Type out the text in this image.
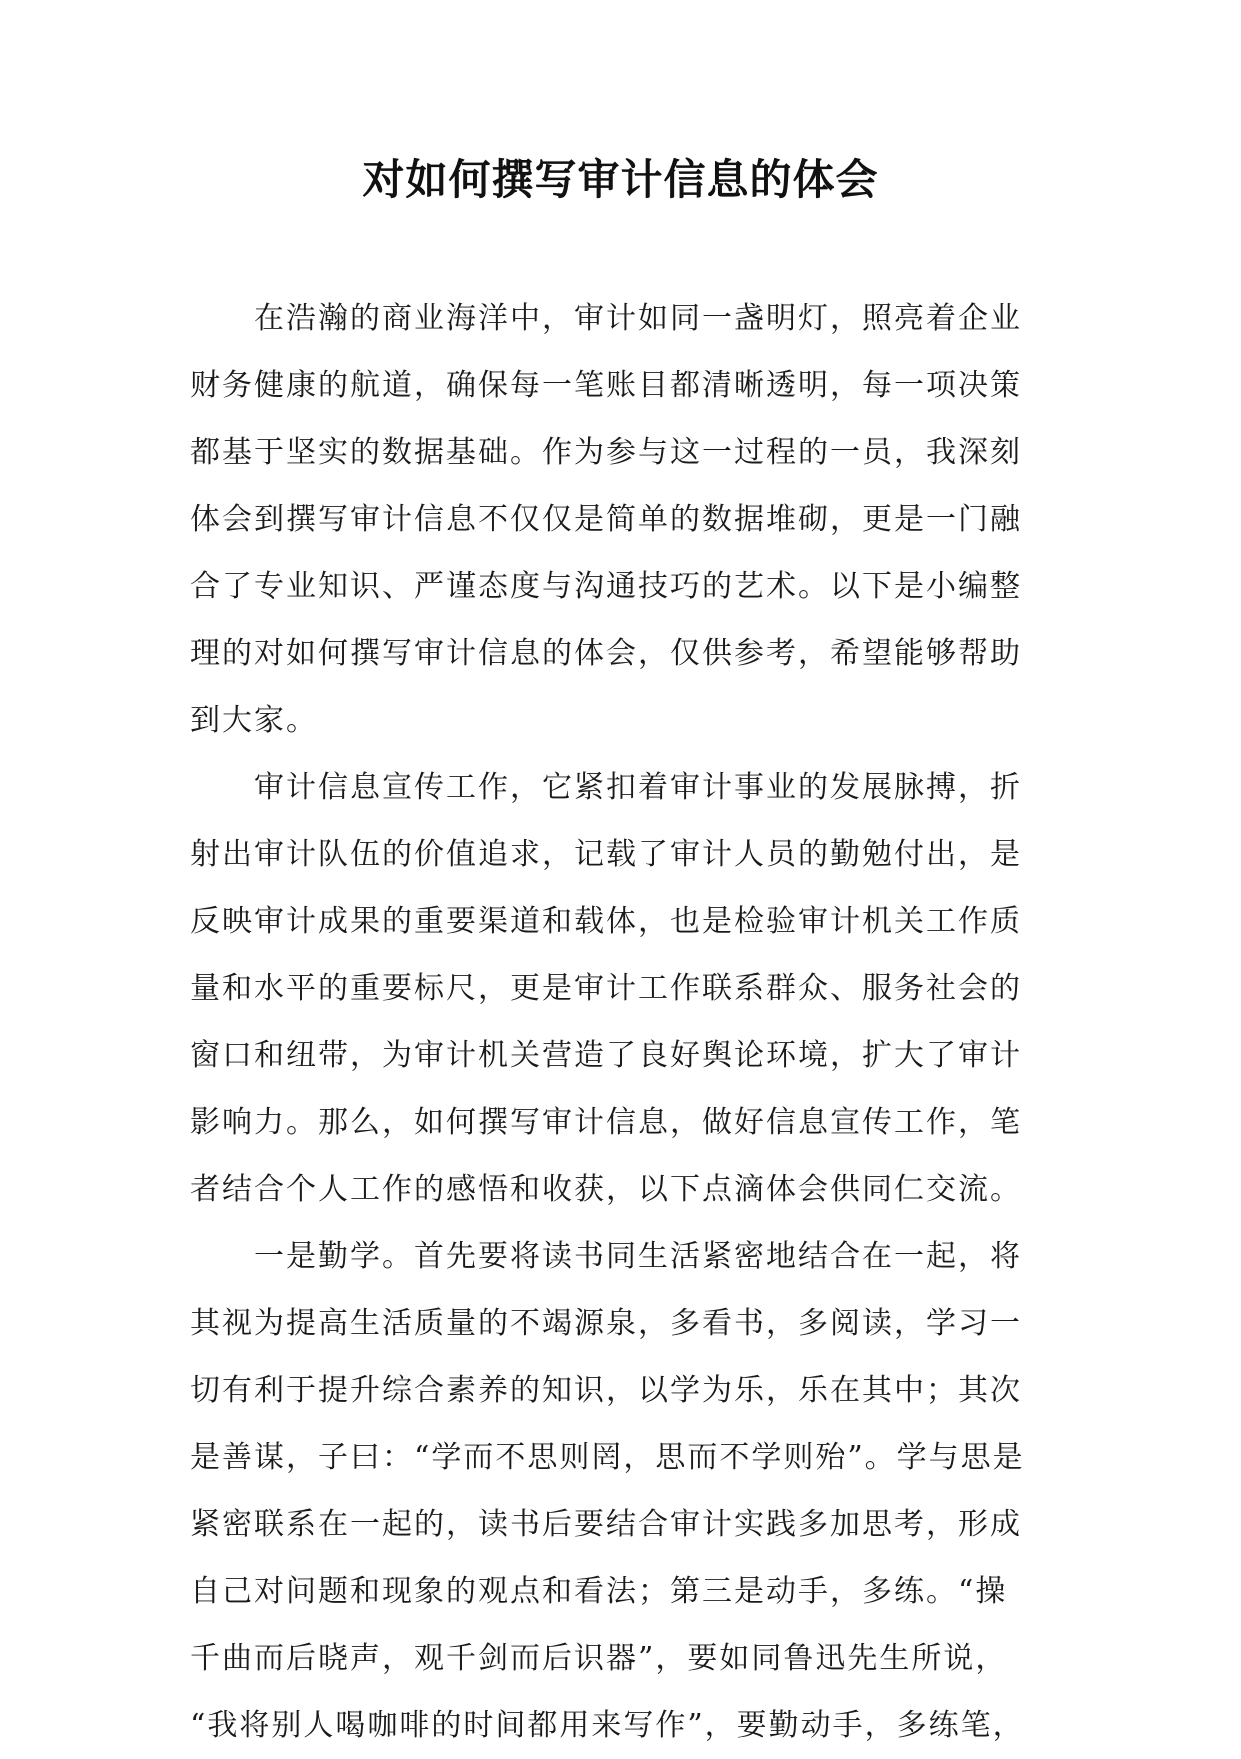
对如何撰写审计信息的体会
在浩瀚的商业海洋中，审计如同一盏明灯，照亮着企业
财务健康的航道，确保每一笔账目都清晰透明，每一项决策
都基于坚实的数据基础。作为参与这一过程的一员，我深刻
体会到撰写审计信息不仅仅是简单的数据堆砌，更是一门融
合了专业知识、严谨态度与沟通技巧的艺术。以下是小编整
理的对如何撰写审计信息的体会，仅供参考，希望能够帮助
到大家。
审计信息宣传工作，它紧扣着审计事业的发展脉搏，折
射出审计队伍的价值追求，记载了审计人员的勤勉付出，是
反映审计成果的重要渠道和载体，也是检验审计机关工作质
量和水平的重要标尺，更是审计工作联系群众、服务社会的
窗口和纽带，为审计机关营造了良好舆论环境，扩大了审计
影响力。那么，如何撰写审计信息，做好信息宣传工作，笔
者结合个人工作的感悟和收获，以下点滴体会供同仁交流。
一是勤学。首先要将读书同生活紧密地结合在一起，将
其视为提高生活质量的不竭源泉，多看书，多阅读，学习一
切有利于提升综合素养的知识，以学为乐，乐在其中；其次
是善谋，子曰：“学而不思则罔，思而不学则殆”。学与思是
紧密联系在一起的，读书后要结合审计实践多加思考，形成
自己对问题和现象的观点和看法；第三是动手，多练。“操
千曲而后晓声，观千剑而后识器”，要如同鲁迅先生所说，
“我将别人喝咖啡的时间都用来写作”，要勤动手，多练笔，
